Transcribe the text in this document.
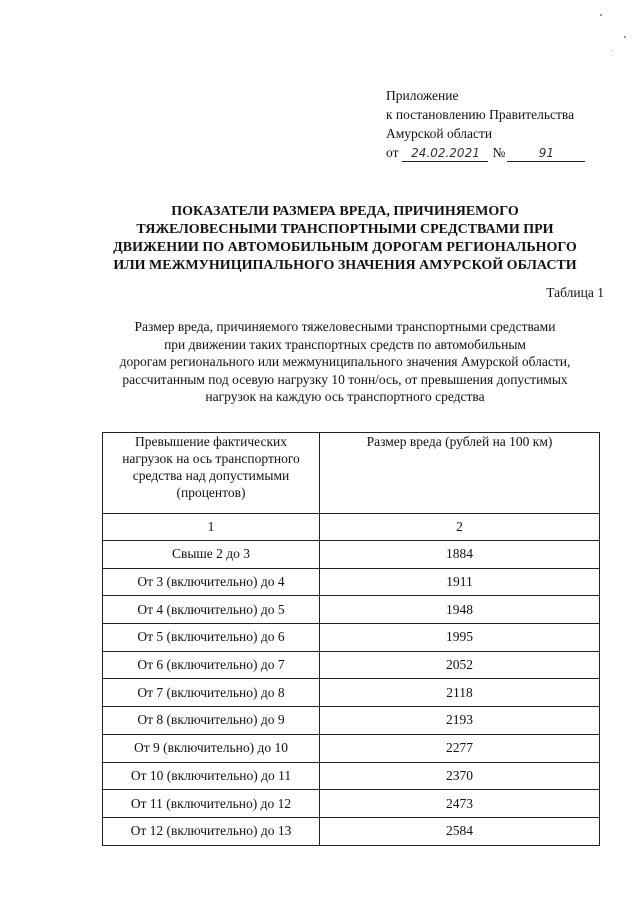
Приложение
к постановлению Правительства
Амурской области
от	24.02.2021 №	91
ПОКАЗАТЕЛИ РАЗМЕРА ВРЕДА, ПРИЧИНЯЕМОГО
ТЯЖЕЛОВЕСНЫМИ ТРАНСПОРТНЫМИ СРЕДСТВАМИ ПРИ
ДВИЖЕНИИ ПО АВТОМОБИЛЬНЫМ ДОРОГАМ РЕГИОНАЛЬНОГО
ИЛИ МЕЖМУНИЦИПАЛЬНОГО ЗНАЧЕНИЯ АМУРСКОЙ ОБЛАСТИ
Таблица 1
Размер вреда, причиняемого тяжеловесными транспортными средствами
при движении таких транспортных средств по автомобильным
дорогам регионального или межмуниципального значения Амурской области,
рассчитанным под осевую нагрузку 10 тонн/ось, от превышения допустимых
нагрузок на каждую ось транспортного средства
Превышение фактических
нагрузок на ось транспортного
средства над допустимыми
(процентов)	Размер вреда (рублей на 100 км)
1	2
Свыше 2 до 3	1884
От 3 (включительно) до 4	1911
От 4 (включительно) до 5	1948
От 5 (включительно) до 6	1995
От 6 (включительно) до 7	2052
От 7 (включительно) до 8	2118
От 8 (включительно) до 9	2193
От 9 (включительно) до 10	2277
От 10 (включительно) до 11	2370
От 11 (включительно) до 12	2473
От 12 (включительно) до 13	2584
